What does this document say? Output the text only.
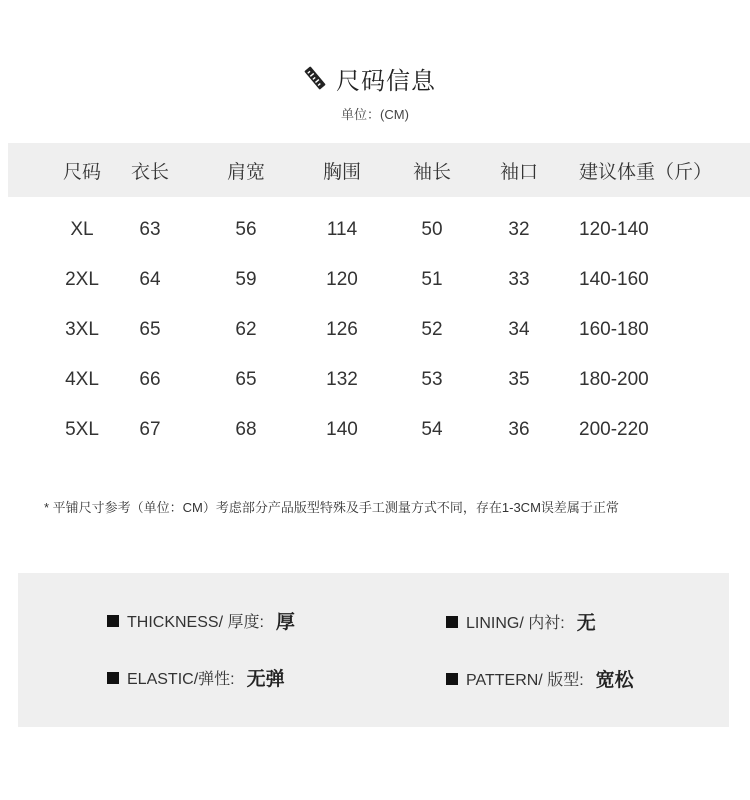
尺码信息
单位：(CM)
尺码	衣长	肩宽	胸围	袖长	袖口	建议体重（斤）
XL	63	56	114	50	32	120-140
2XL	64	59	120	51	33	140-160
3XL	65	62	126	52	34	160-180
4XL	66	65	132	53	35	180-200
5XL	67	68	140	54	36	200-220
* 平铺尺寸参考（单位：CM）考虑部分产品版型特殊及手工测量方式不同，存在1-3CM误差属于正常
THICKNESS/ 厚度: 厚	LINING/ 内衬: 无
ELASTIC/弹性: 无弹	PATTERN/ 版型: 宽松
